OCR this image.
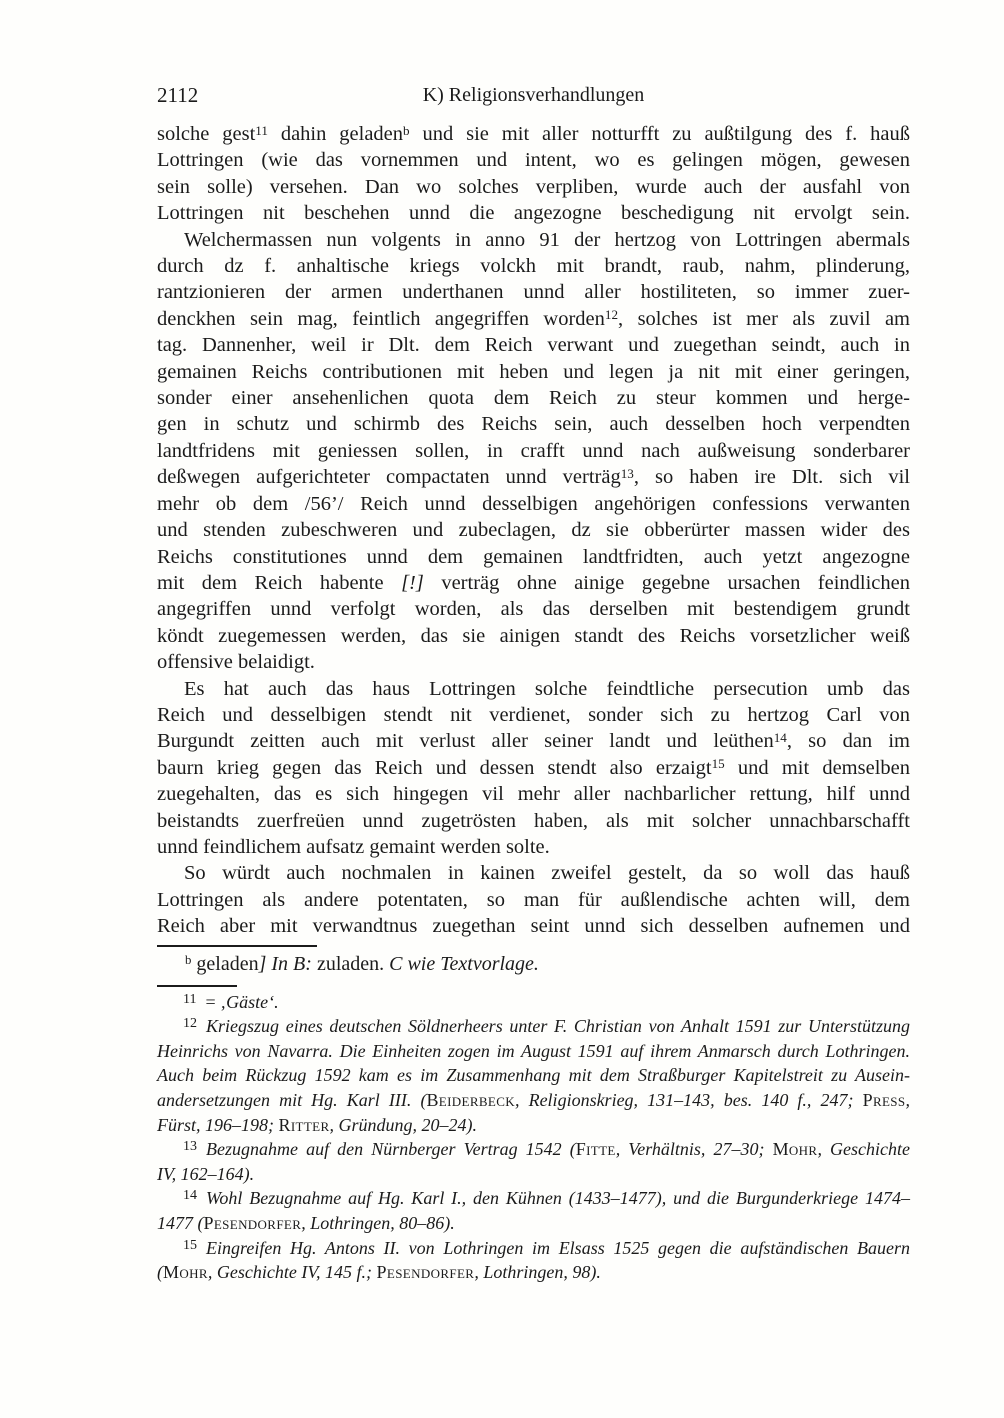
2112	K) Religionsverhandlungen
solche gest$^{11}$ dahin geladen$^b$ und sie mit aller notturfft zu außtilgung des f. hauß
Lottringen (wie das vornemmen und intent, wo es gelingen mögen, gewesen
sein solle) versehen. Dan wo solches verpliben, wurde auch der ausfahl von
Lottringen nit beschehen unnd die angezogne beschedigung nit ervolgt sein.
Welchermassen nun volgents in anno 91 der hertzog von Lottringen abermals
durch dz f. anhaltische kriegs volckh mit brandt, raub, nahm, plinderung,
rantzionieren der armen underthanen unnd aller hostiliteten, so immer zuer-
denckhen sein mag, feintlich angegriffen worden$^{12}$, solches ist mer als zuvil am
tag. Dannenher, weil ir Dlt. dem Reich verwant und zuegethan seindt, auch in
gemainen Reichs contributionen mit heben und legen ja nit mit einer geringen,
sonder einer ansehenlichen quota dem Reich zu steur kommen und herge-
gen in schutz und schirmb des Reichs sein, auch desselben hoch verpendten
landtfridens mit geniessen sollen, in crafft unnd nach außweisung sonderbarer
deßwegen aufgerichteter compactaten unnd verträg$^{13}$, so haben ire Dlt. sich vil
mehr ob dem /56’/ Reich unnd desselbigen angehörigen confessions verwanten
und stenden zubeschweren und zubeclagen, dz sie obberürter massen wider des
Reichs constitutiones unnd dem gemainen landtfridten, auch yetzt angezogne
mit dem Reich habente [!] verträg ohne ainige gegebne ursachen feindlichen
angegriffen unnd verfolgt worden, als das derselben mit bestendigem grundt
köndt zuegemessen werden, das sie ainigen standt des Reichs vorsetzlicher weiß
offensive belaidigt.
Es hat auch das haus Lottringen solche feindtliche persecution umb das
Reich und desselbigen stendt nit verdienet, sonder sich zu hertzog Carl von
Burgundt zeitten auch mit verlust aller seiner landt und leüthen$^{14}$, so dan im
baurn krieg gegen das Reich und dessen stendt also erzaigt$^{15}$ und mit demselben
zuegehalten, das es sich hingegen vil mehr aller nachbarlicher rettung, hilf unnd
beistandts zuerfreüen unnd zugetrösten haben, als mit solcher unnachbarschafft
unnd feindlichem aufsatz gemaint werden solte.
So würdt auch nochmalen in kainen zweifel gestelt, da so woll das hauß
Lottringen als andere potentaten, so man für außlendische achten will, dem
Reich aber mit verwandtnus zuegethan seint unnd sich desselben aufnemen und
$^b$ geladen] In B: zuladen. C wie Textvorlage.
$^{11}$ = ‚Gäste‘.
$^{12}$ Kriegszug eines deutschen Söldnerheers unter F. Christian von Anhalt 1591 zur Unterstützung
Heinrichs von Navarra. Die Einheiten zogen im August 1591 auf ihrem Anmarsch durch Lothringen.
Auch beim Rückzug 1592 kam es im Zusammenhang mit dem Straßburger Kapitelstreit zu Ausein-
andersetzungen mit Hg. Karl III. (Beiderbeck, Religionskrieg, 131–143, bes. 140 f., 247; Press,
Fürst, 196–198; Ritter, Gründung, 20–24).
$^{13}$ Bezugnahme auf den Nürnberger Vertrag 1542 (Fitte, Verhältnis, 27–30; Mohr, Geschichte
IV, 162–164).
$^{14}$ Wohl Bezugnahme auf Hg. Karl I., den Kühnen (1433–1477), und die Burgunderkriege 1474–
1477 (Pesendorfer, Lothringen, 80–86).
$^{15}$ Eingreifen Hg. Antons II. von Lothringen im Elsass 1525 gegen die aufständischen Bauern
(Mohr, Geschichte IV, 145 f.; Pesendorfer, Lothringen, 98).
